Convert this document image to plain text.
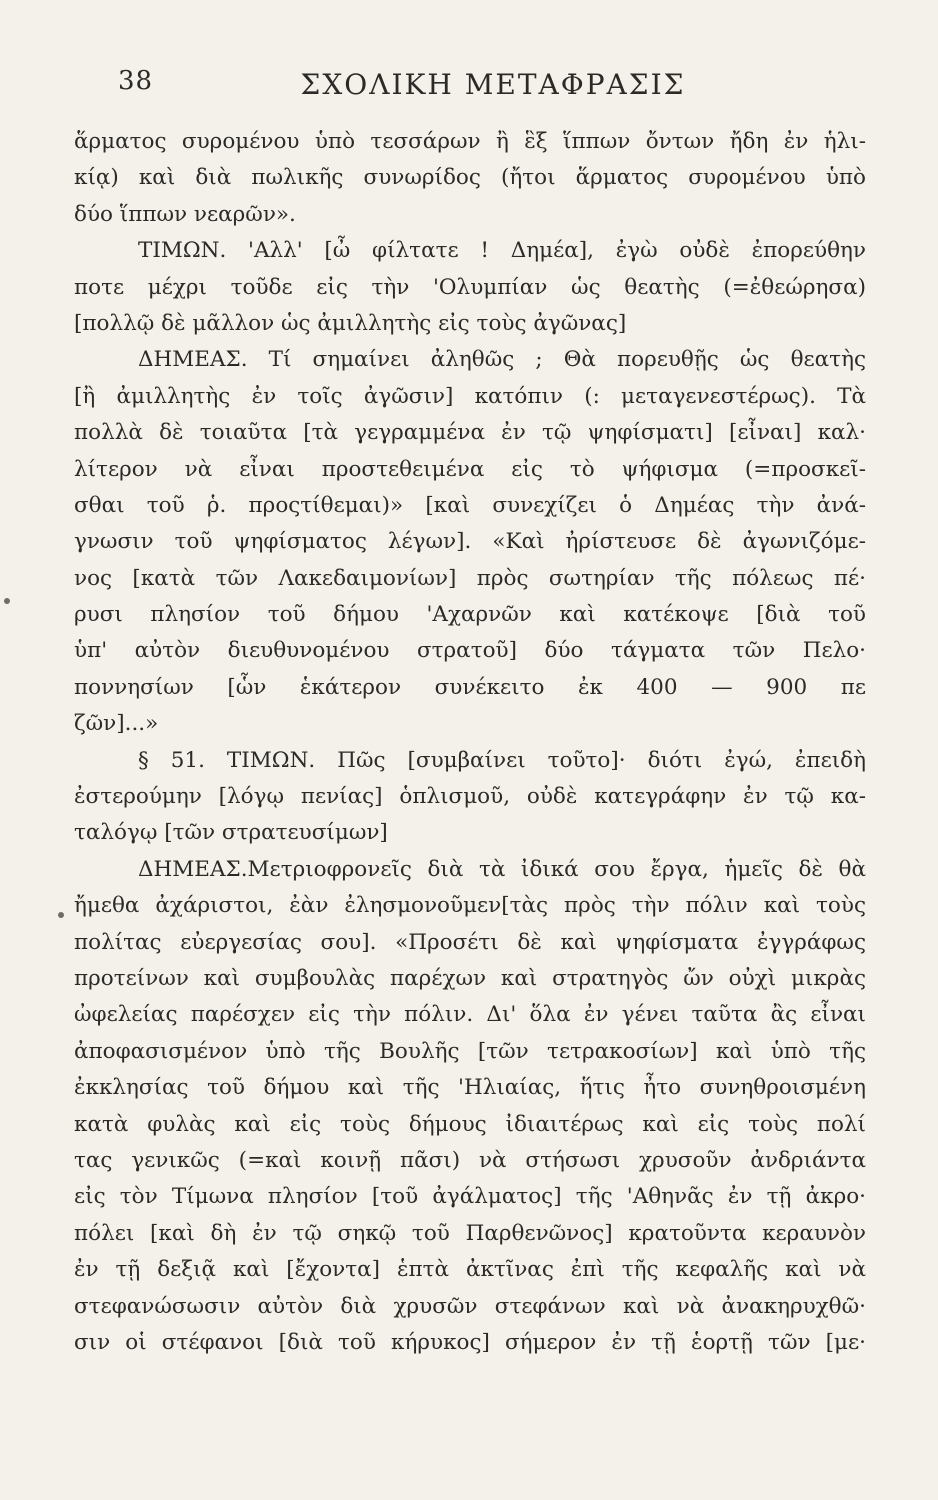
38	ΣΧΟΛΙΚΗ ΜΕΤΑΦΡΑΣΙΣ
ἅρματος συρομένου ὑπὸ τεσσάρων ἢ ἓξ ἵππων ὄντων ἤδη ἐν ἡλι-
κίᾳ) καὶ διὰ πωλικῆς συνωρίδος (ἤτοι ἅρματος συρομένου ὑπὸ
δύο ἵππων νεαρῶν».
ΤΙΜΩΝ. 'Αλλ' [ὦ φίλτατε ! Δημέα], ἐγὼ οὐδὲ ἐπορεύθην
ποτε μέχρι τοῦδε εἰς τὴν 'Ολυμπίαν ὡς θεατὴς (=ἐθεώρησα)
[πολλῷ δὲ μᾶλλον ὡς ἀμιλλητὴς εἰς τοὺς ἀγῶνας]
ΔΗΜΕΑΣ. Τί σημαίνει ἀληθῶς ; Θὰ πορευθῇς ὡς θεατὴς
[ἢ ἀμιλλητὴς ἐν τοῖς ἀγῶσιν] κατόπιν (: μεταγενεστέρως). Τὰ
πολλὰ δὲ τοιαῦτα [τὰ γεγραμμένα ἐν τῷ ψηφίσματι] [εἶναι] καλ·
λίτερον νὰ εἶναι προστεθειμένα εἰς τὸ ψήφισμα (=προσκεῖ-
σθαι τοῦ ῥ. προςτίθεμαι)» [καὶ συνεχίζει ὁ Δημέας τὴν ἀνά-
γνωσιν τοῦ ψηφίσματος λέγων]. «Καὶ ἠρίστευσε δὲ ἀγωνιζόμε-
νος [κατὰ τῶν Λακεδαιμονίων] πρὸς σωτηρίαν τῆς πόλεως πέ·
ρυσι πλησίον τοῦ δήμου 'Αχαρνῶν καὶ κατέκοψε [διὰ τοῦ
ὑπ' αὐτὸν διευθυνομένου στρατοῦ] δύο τάγματα τῶν Πελο·
ποννησίων [ὧν ἑκάτερον συνέκειτο ἐκ 400 — 900 πε
ζῶν]...»
§ 51. ΤΙΜΩΝ. Πῶς [συμβαίνει τοῦτο]· διότι ἐγώ, ἐπειδὴ
ἐστερούμην [λόγῳ πενίας] ὁπλισμοῦ, οὐδὲ κατεγράφην ἐν τῷ κα-
ταλόγῳ [τῶν στρατευσίμων]
ΔΗΜΕΑΣ.Μετριοφρονεῖς διὰ τὰ ἰδικά σου ἔργα, ἡμεῖς δὲ θὰ
ἤμεθα ἀχάριστοι, ἐὰν ἐλησμονοῦμεν[τὰς πρὸς τὴν πόλιν καὶ τοὺς
πολίτας εὐεργεσίας σου]. «Προσέτι δὲ καὶ ψηφίσματα ἐγγράφως
προτείνων καὶ συμβουλὰς παρέχων καὶ στρατηγὸς ὤν οὐχὶ μικρὰς
ὠφελείας παρέσχεν εἰς τὴν πόλιν. Δι' ὅλα ἐν γένει ταῦτα ἂς εἶναι
ἀποφασισμένον ὑπὸ τῆς Βουλῆς [τῶν τετρακοσίων] καὶ ὑπὸ τῆς
ἐκκλησίας τοῦ δήμου καὶ τῆς 'Ηλιαίας, ἥτις ἦτο συνηθροισμένη
κατὰ φυλὰς καὶ εἰς τοὺς δήμους ἰδιαιτέρως καὶ εἰς τοὺς πολί
τας γενικῶς (=καὶ κοινῇ πᾶσι) νὰ στήσωσι χρυσοῦν ἀνδριάντα
εἰς τὸν Τίμωνα πλησίον [τοῦ ἀγάλματος] τῆς 'Αθηνᾶς ἐν τῇ ἀκρο·
πόλει [καὶ δὴ ἐν τῷ σηκῷ τοῦ Παρθενῶνος] κρατοῦντα κεραυνὸν
ἐν τῇ δεξιᾷ καὶ [ἔχοντα] ἑπτὰ ἀκτῖνας ἐπὶ τῆς κεφαλῆς καὶ νὰ
στεφανώσωσιν αὐτὸν διὰ χρυσῶν στεφάνων καὶ νὰ ἀνακηρυχθῶ·
σιν οἱ στέφανοι [διὰ τοῦ κήρυκος] σήμερον ἐν τῇ ἑορτῇ τῶν [με·
